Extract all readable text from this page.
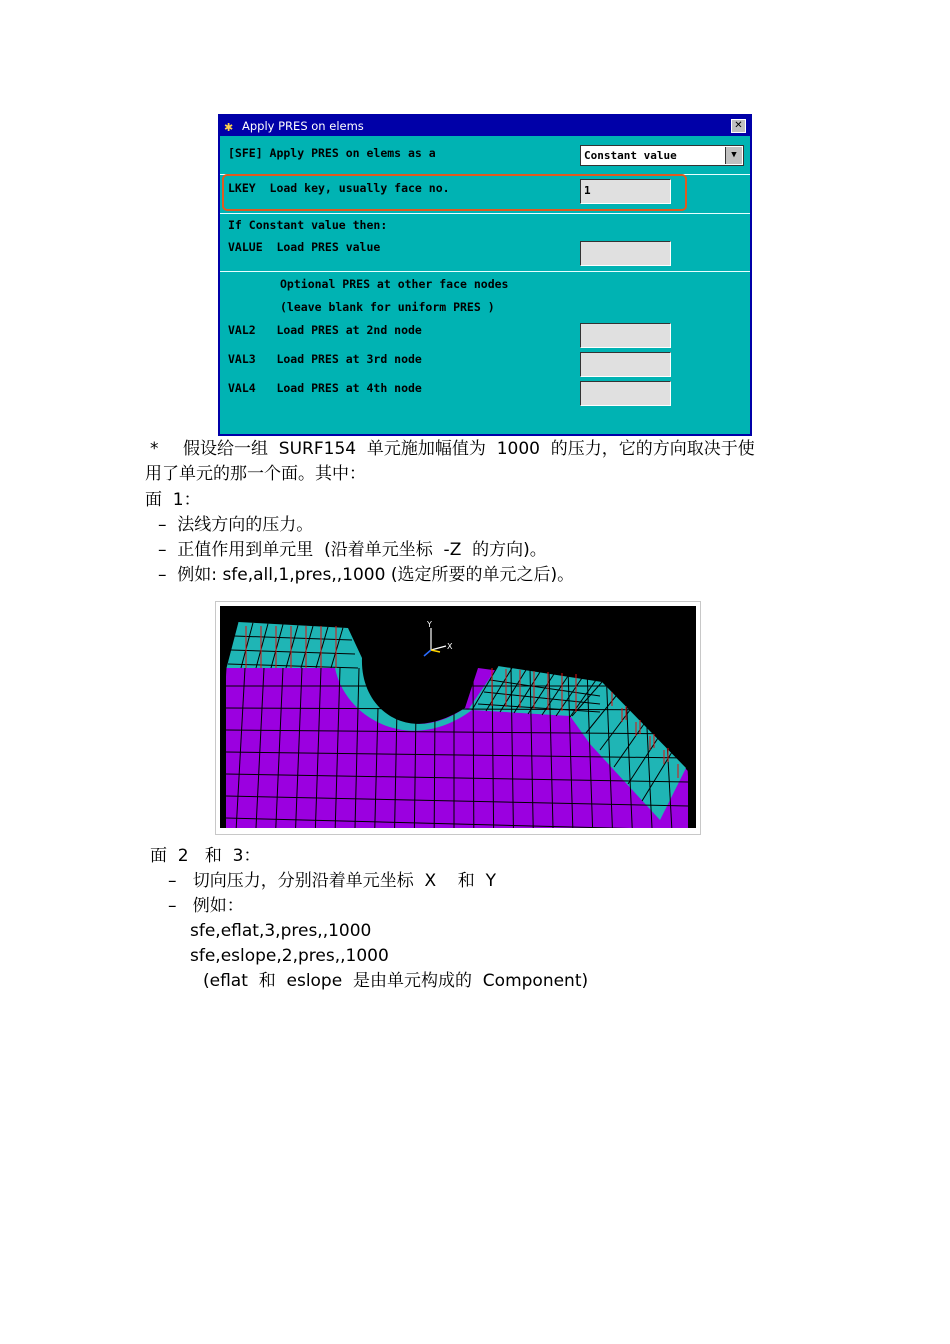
✱ Apply PRES on elems	✕
[SFE] Apply PRES on elems as a	Constant value	▼
LKEY  Load key, usually face no.	1
If Constant value then:
VALUE  Load PRES value
Optional PRES at other face nodes
(leave blank for uniform PRES )
VAL2   Load PRES at 2nd node
VAL3   Load PRES at 3rd node
VAL4   Load PRES at 4th node
* 假设给一组  SURF154  单元施加幅值为  1000  的压力，它的方向取决于使
用了单元的那一个面。其中：
面  1：
–  法线方向的压力。
–  正值作用到单元里  (沿着单元坐标  -Z  的方向)。
–  例如: sfe,all,1,pres,,1000 (选定所要的单元之后)。
Y
X
面  2   和  3：
–   切向压力，分别沿着单元坐标  X    和  Y
–   例如：
sfe,eflat,3,pres,,1000
sfe,eslope,2,pres,,1000
(eflat  和  eslope  是由单元构成的  Component)
